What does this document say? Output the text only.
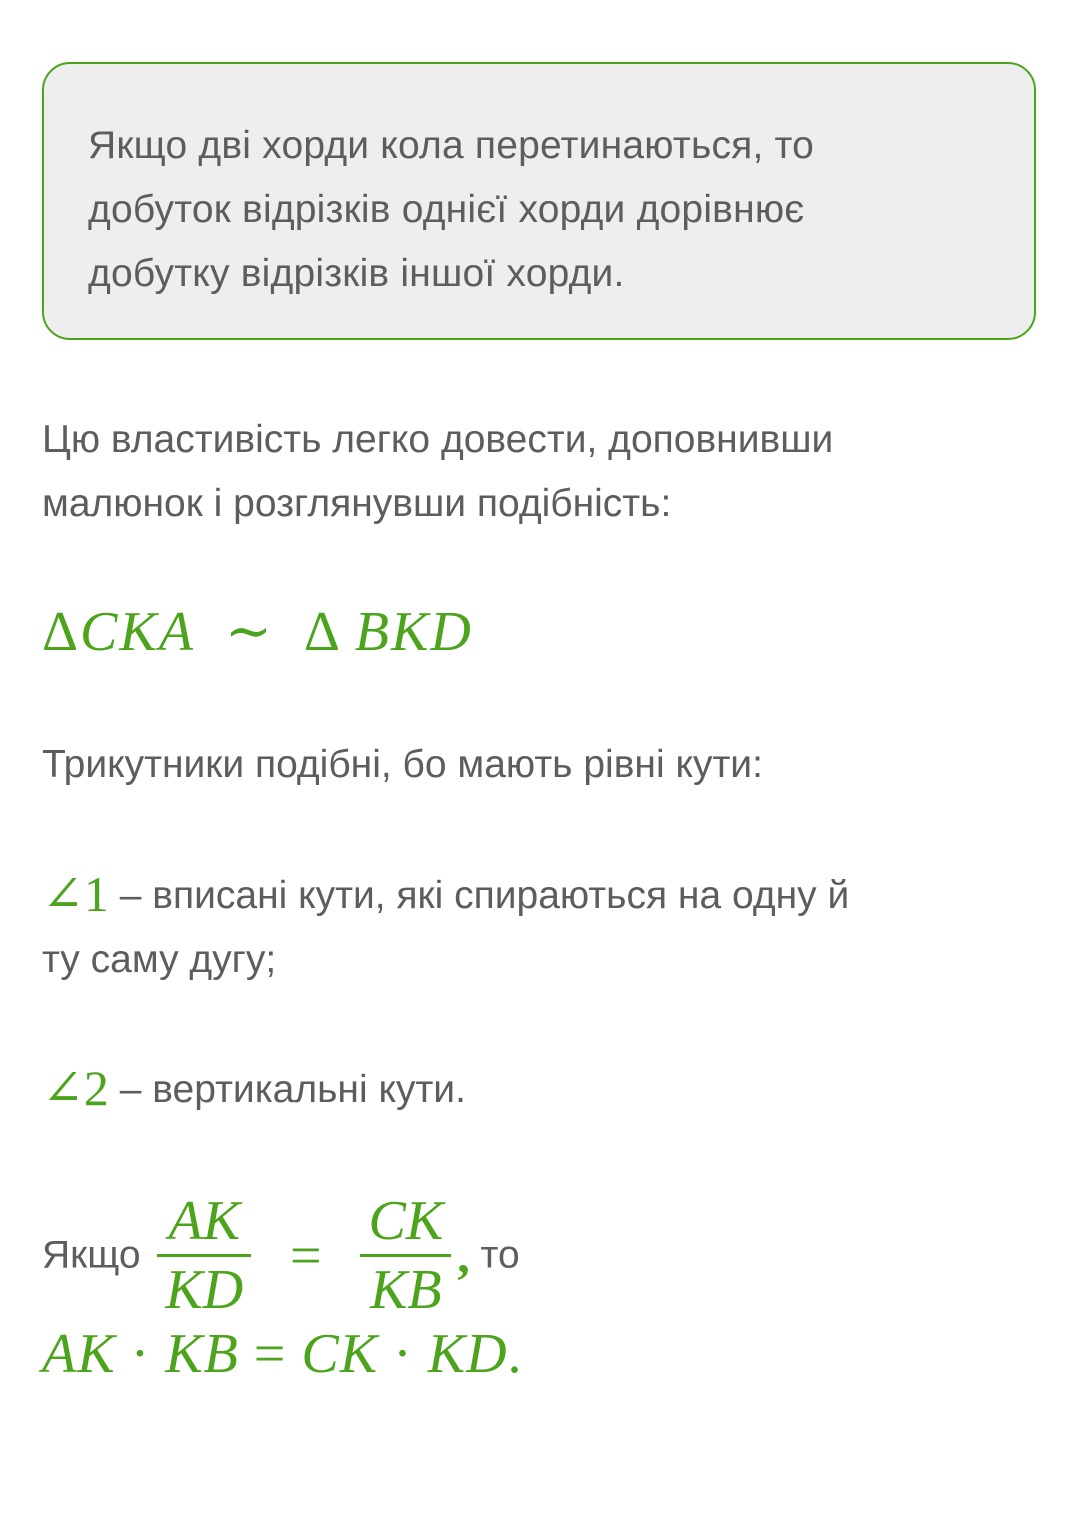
Якщо дві хорди кола перетинаються, то
добуток відрізків однієї хорди дорівнює
добутку відрізків іншої хорди.

Цю властивість легко довести, доповнивши
малюнок і розглянувши подібність:

ΔCKA ∼ Δ BKD

Трикутники подібні, бо мають рівні кути:

∠1 – вписані кути, які спираються на одну й
ту саму дугу;

∠2 – вертикальні кути.

Якщо $\frac{AK}{KD} = \frac{CK}{KB}$ , то
AK · KB = CK · KD.
